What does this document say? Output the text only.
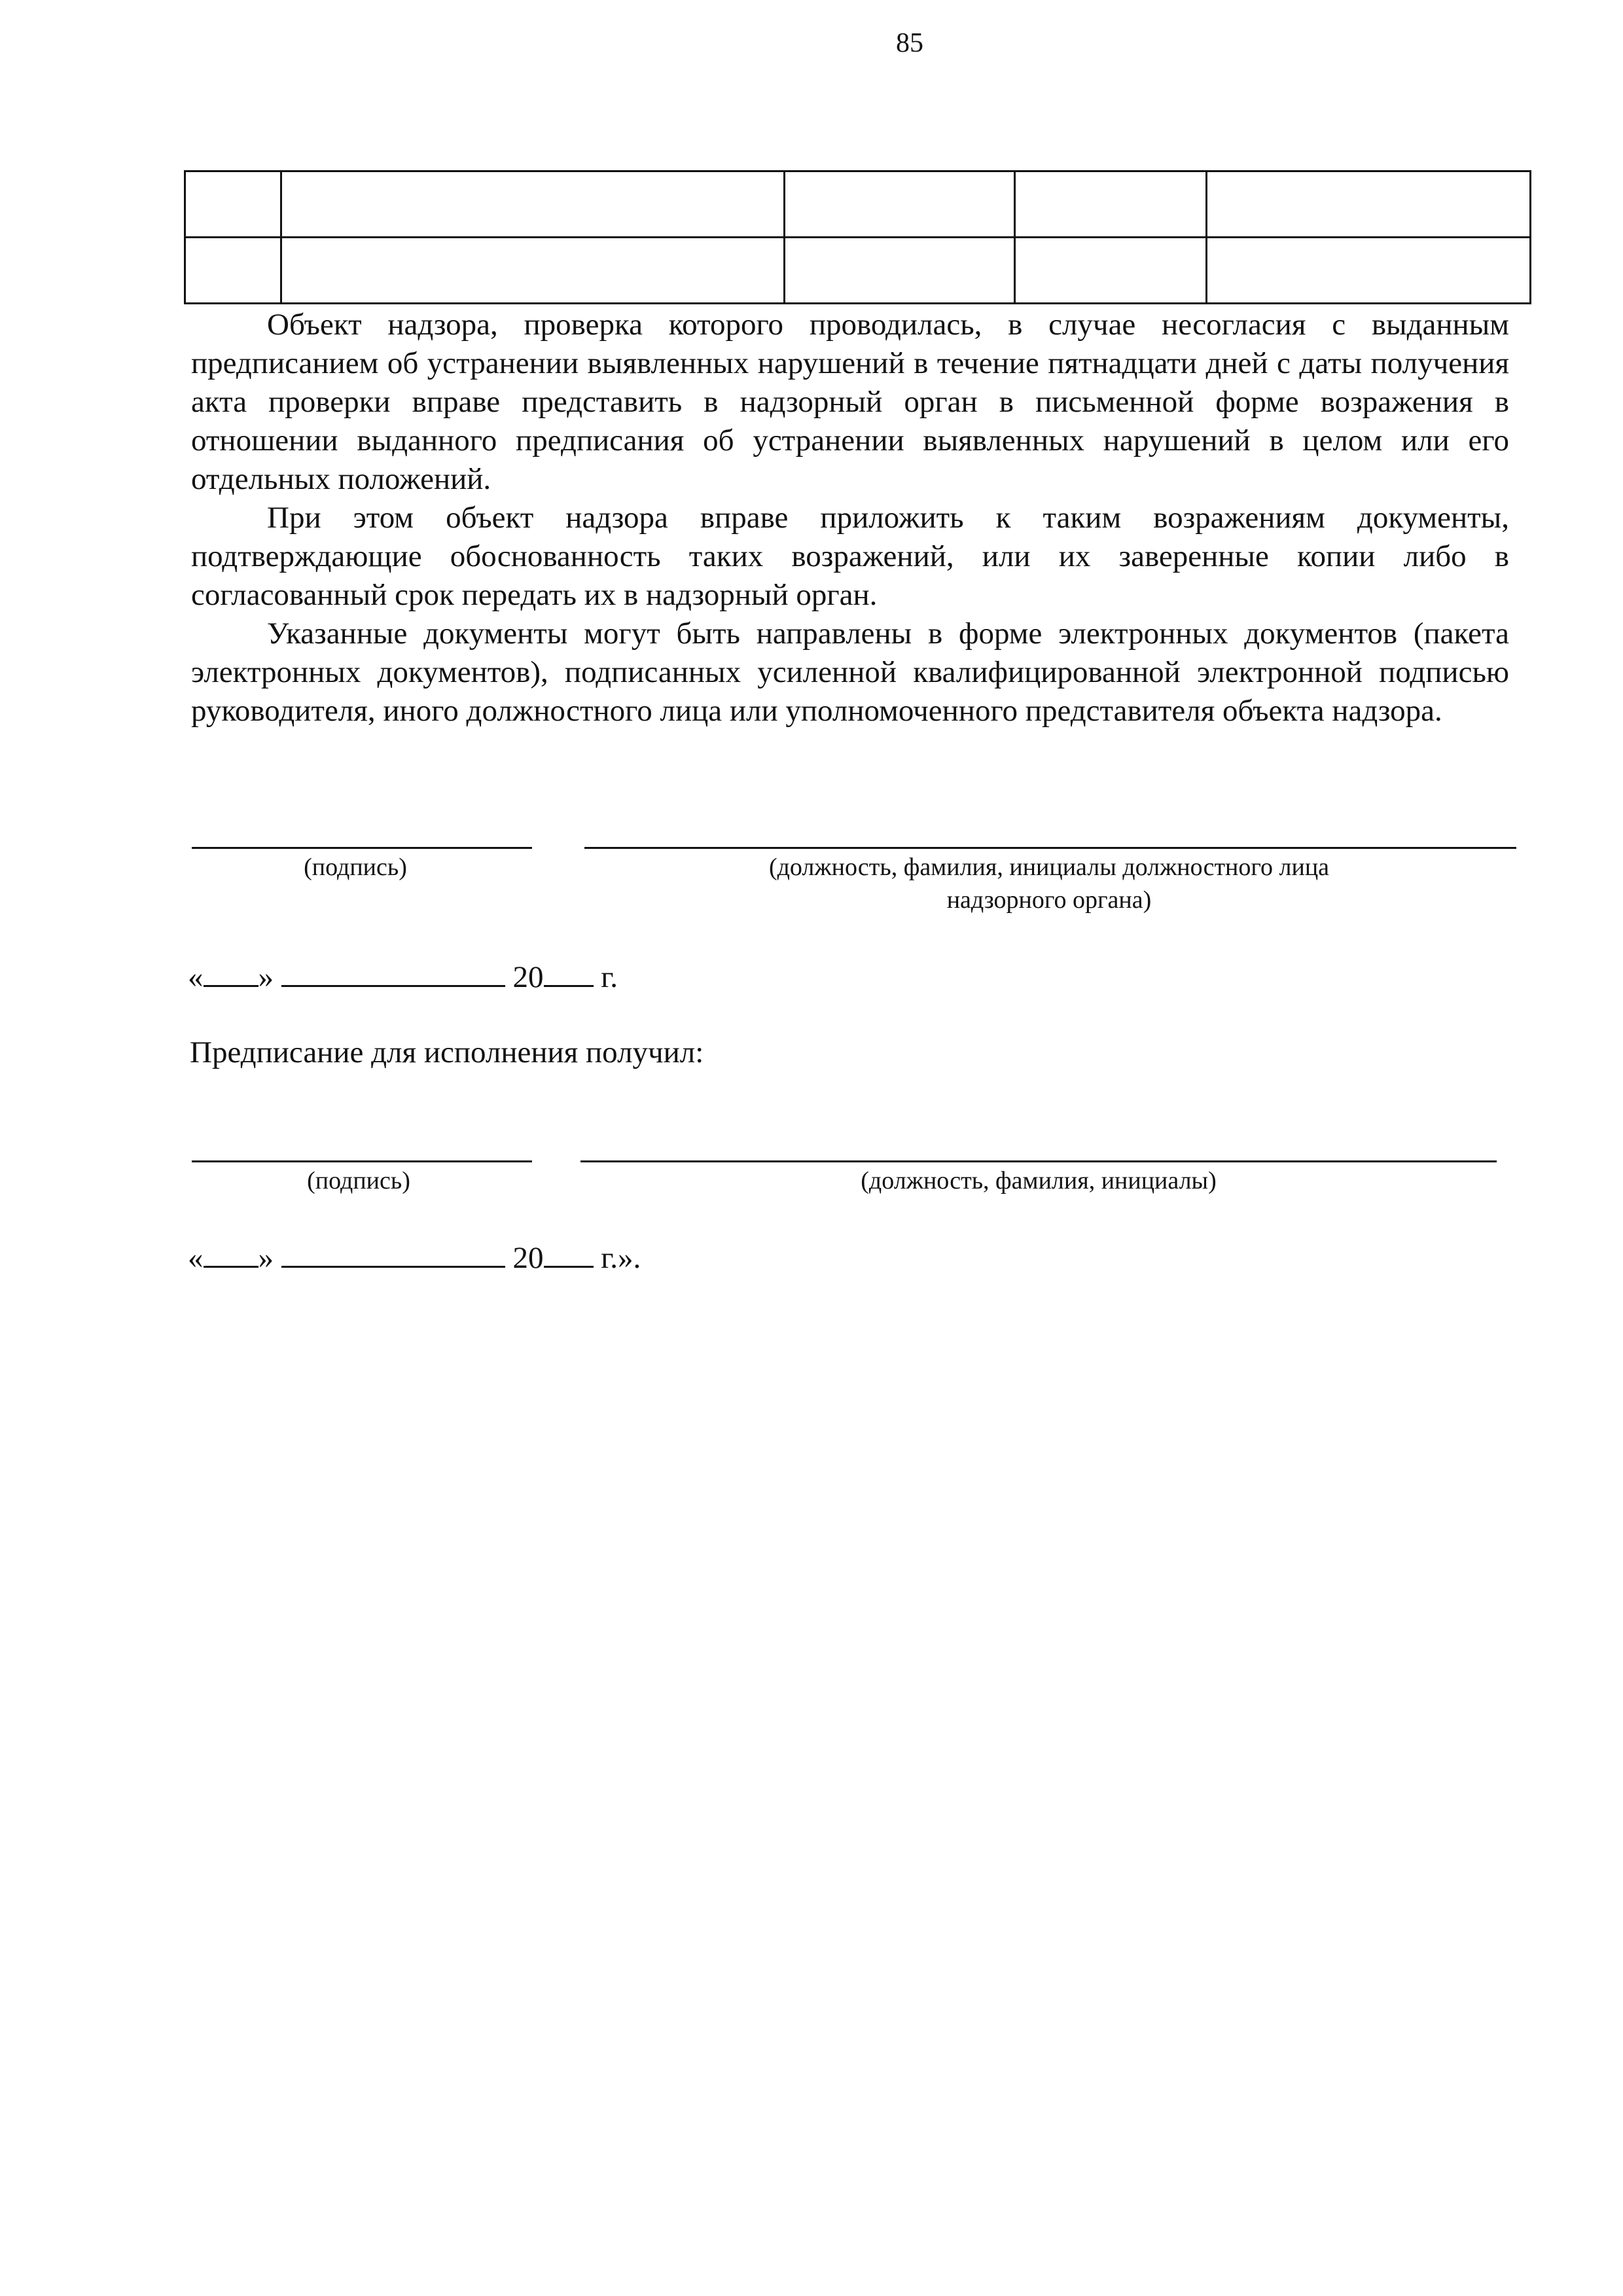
85

Объект надзора, проверка которого проводилась, в случае несогласия с выданным предписанием об устранении выявленных нарушений в течение пятнадцати дней с даты получения акта проверки вправе представить в надзорный орган в письменной форме возражения в отношении выданного предписания об устранении выявленных нарушений в целом или его отдельных положений.

При этом объект надзора вправе приложить к таким возражениям документы, подтверждающие обоснованность таких возражений, или их заверенные копии либо в согласованный срок передать их в надзорный орган.

Указанные документы могут быть направлены в форме электронных документов (пакета электронных документов), подписанных усиленной квалифицированной электронной подписью руководителя, иного должностного лица или уполномоченного представителя объекта надзора.

(подпись)	(должность, фамилия, инициалы должностного лица
надзорного органа)
« »	20 г.
Предписание для исполнения получил:
(подпись)	(должность, фамилия, инициалы)
« »	20 г.».
